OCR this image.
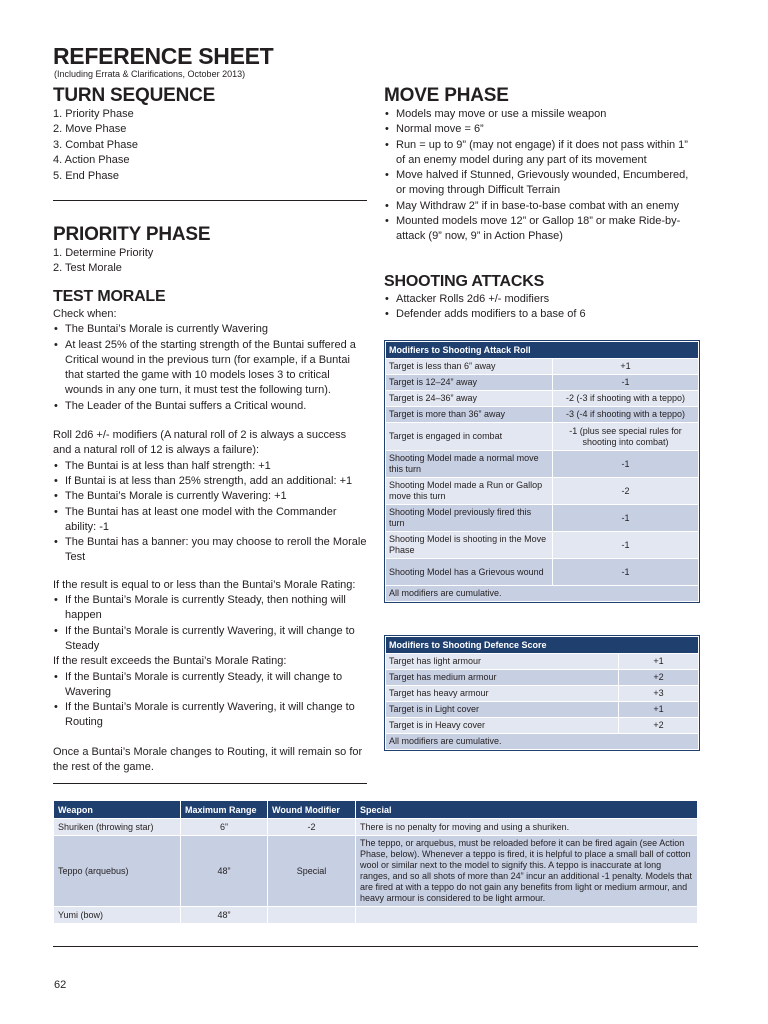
REFERENCE SHEET
(Including Errata & Clarifications, October 2013)
TURN SEQUENCE
1. Priority Phase
2. Move Phase
3. Combat Phase
4. Action Phase
5. End Phase
PRIORITY PHASE
1. Determine Priority
2. Test Morale
TEST MORALE
Check when:
• The Buntai’s Morale is currently Wavering
• At least 25% of the starting strength of the Buntai suffered a Critical wound in the previous turn (for example, if a Buntai that started the game with 10 models loses 3 to critical wounds in any one turn, it must test the following turn).
• The Leader of the Buntai suffers a Critical wound.
Roll 2d6 +/- modifiers (A natural roll of 2 is always a success and a natural roll of 12 is always a failure):
• The Buntai is at less than half strength: +1
• If Buntai is at less than 25% strength, add an additional: +1
• The Buntai’s Morale is currently Wavering: +1
• The Buntai has at least one model with the Commander ability: -1
• The Buntai has a banner: you may choose to reroll the Morale Test
If the result is equal to or less than the Buntai’s Morale Rating:
• If the Buntai’s Morale is currently Steady, then nothing will happen
• If the Buntai’s Morale is currently Wavering, it will change to Steady
If the result exceeds the Buntai’s Morale Rating:
• If the Buntai’s Morale is currently Steady, it will change to Wavering
• If the Buntai’s Morale is currently Wavering, it will change to Routing
Once a Buntai’s Morale changes to Routing, it will remain so for the rest of the game.
MOVE PHASE
• Models may move or use a missile weapon
• Normal move = 6”
• Run = up to 9” (may not engage) if it does not pass within 1” of an enemy model during any part of its movement
• Move halved if Stunned, Grievously wounded, Encumbered, or moving through Difficult Terrain
• May Withdraw 2” if in base-to-base combat with an enemy
• Mounted models move 12” or Gallop 18” or make Ride-by-attack (9” now, 9” in Action Phase)
SHOOTING ATTACKS
• Attacker Rolls 2d6 +/- modifiers
• Defender adds modifiers to a base of 6
Modifiers to Shooting Attack Roll	
Target is less than 6” away	+1
Target is 12–24” away	-1
Target is 24–36” away	-2 (-3 if shooting with a teppo)
Target is more than 36” away	-3 (-4 if shooting with a teppo)
Target is engaged in combat	-1 (plus see special rules for shooting into combat)
Shooting Model made a normal move this turn	-1
Shooting Model made a Run or Gallop move this turn	-2
Shooting Model previously fired this turn	-1
Shooting Model is shooting in the Move Phase	-1
Shooting Model has a Grievous wound	-1
All modifiers are cumulative.	
Modifiers to Shooting Defence Score	
Target has light armour	+1
Target has medium armour	+2
Target has heavy armour	+3
Target is in Light cover	+1
Target is in Heavy cover	+2
All modifiers are cumulative.	
Weapon	Maximum Range	Wound Modifier	Special
Shuriken (throwing star)	6”	-2	There is no penalty for moving and using a shuriken.
Teppo (arquebus)	48”	Special	The teppo, or arquebus, must be reloaded before it can be fired again (see Action Phase, below). Whenever a teppo is fired, it is helpful to place a small ball of cotton wool or similar next to the model to signify this. A teppo is inaccurate at long ranges, and so all shots of more than 24” incur an additional -1 penalty. Models that are fired at with a teppo do not gain any benefits from light or medium armour, and heavy armour is considered to be light armour.
Yumi (bow)	48”		
62
